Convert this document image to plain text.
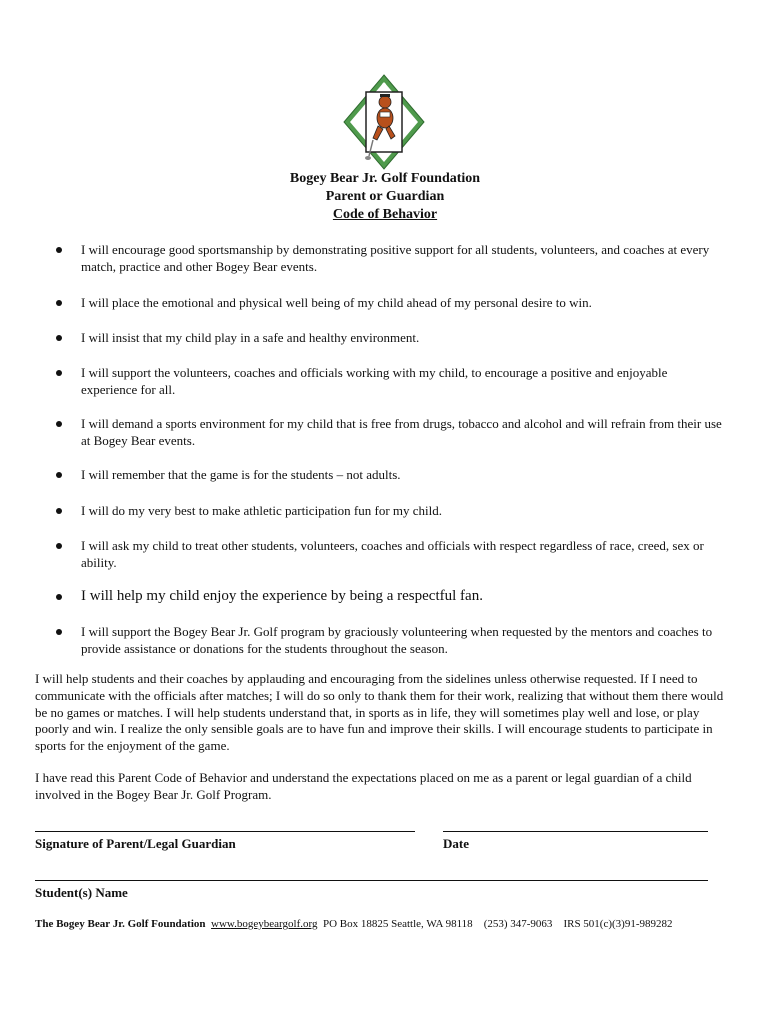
Bogey Bear Jr. Golf Foundation
Parent or Guardian
Code of Behavior
I will encourage good sportsmanship by demonstrating positive support for all students, volunteers, and coaches at every match, practice and other Bogey Bear events.
I will place the emotional and physical well being of my child ahead of my personal desire to win.
I will insist that my child play in a safe and healthy environment.
I will support the volunteers, coaches and officials working with my child, to encourage a positive and enjoyable experience for all.
I will demand a sports environment for my child that is free from drugs, tobacco and alcohol and will refrain from their use at Bogey Bear events.
I will remember that the game is for the students – not adults.
I will do my very best to make athletic participation fun for my child.
I will ask my child to treat other students, volunteers, coaches and officials with respect regardless of race, creed, sex or ability.
I will help my child enjoy the experience by being a respectful fan.
I will support the Bogey Bear Jr. Golf program by graciously volunteering when requested by the mentors and coaches to provide assistance or donations for the students throughout the season.
I will help students and their coaches by applauding and encouraging from the sidelines unless otherwise requested. If I need to communicate with the officials after matches; I will do so only to thank them for their work, realizing that without them there would be no games or matches. I will help students understand that, in sports as in life, they will sometimes play well and lose, or play poorly and win. I realize the only sensible goals are to have fun and improve their skills. I will encourage students to participate in sports for the enjoyment of the game.
I have read this Parent Code of Behavior and understand the expectations placed on me as a parent or legal guardian of a child involved in the Bogey Bear Jr. Golf Program.
Signature of Parent/Legal Guardian	Date
Student(s) Name
The Bogey Bear Jr. Golf Foundation www.bogeybeargolf.org PO Box 18825 Seattle, WA 98118 (253) 347-9063 IRS 501(c)(3)91-989282
